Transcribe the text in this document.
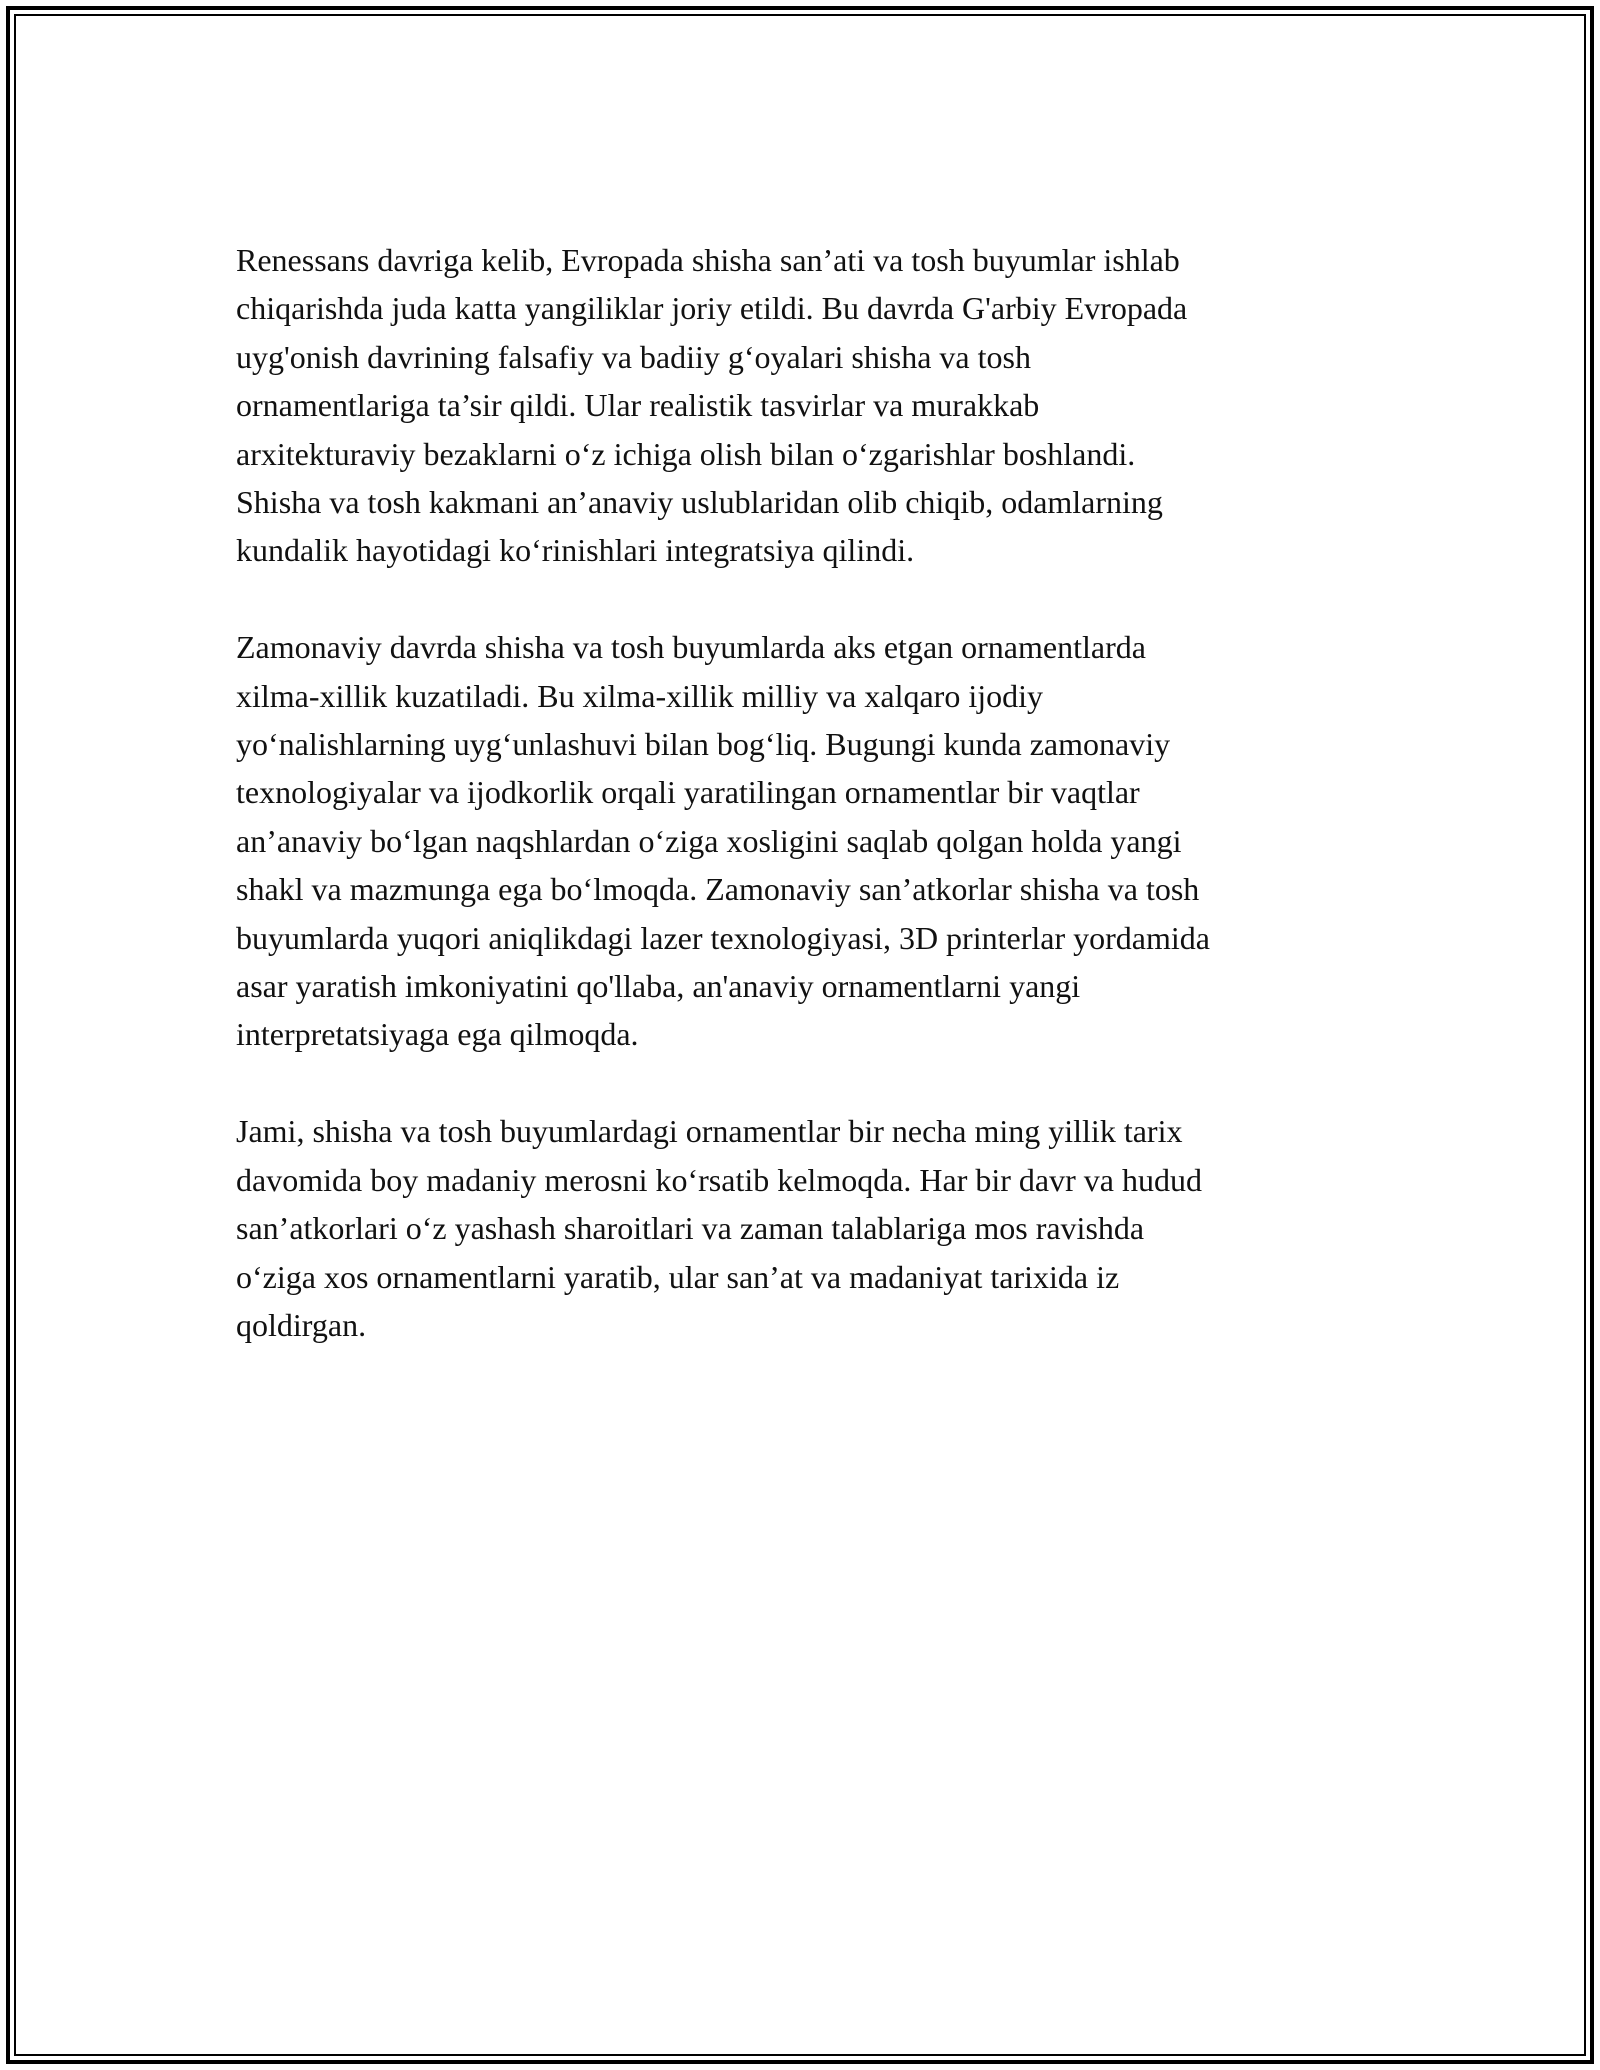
Renessans davriga kelib, Evropada shisha san’ati va tosh buyumlar ishlab
chiqarishda juda katta yangiliklar joriy etildi. Bu davrda G'arbiy Evropada
uyg'onish davrining falsafiy va badiiy g‘oyalari shisha va tosh
ornamentlariga ta’sir qildi. Ular realistik tasvirlar va murakkab
arxitekturaviy bezaklarni o‘z ichiga olish bilan o‘zgarishlar boshlandi.
Shisha va tosh kakmani an’anaviy uslublaridan olib chiqib, odamlarning
kundalik hayotidagi ko‘rinishlari integratsiya qilindi.

Zamonaviy davrda shisha va tosh buyumlarda aks etgan ornamentlarda
xilma-xillik kuzatiladi. Bu xilma-xillik milliy va xalqaro ijodiy
yo‘nalishlarning uyg‘unlashuvi bilan bog‘liq. Bugungi kunda zamonaviy
texnologiyalar va ijodkorlik orqali yaratilingan ornamentlar bir vaqtlar
an’anaviy bo‘lgan naqshlardan o‘ziga xosligini saqlab qolgan holda yangi
shakl va mazmunga ega bo‘lmoqda. Zamonaviy san’atkorlar shisha va tosh
buyumlarda yuqori aniqlikdagi lazer texnologiyasi, 3D printerlar yordamida
asar yaratish imkoniyatini qo'llaba, an'anaviy ornamentlarni yangi
interpretatsiyaga ega qilmoqda.

Jami, shisha va tosh buyumlardagi ornamentlar bir necha ming yillik tarix
davomida boy madaniy merosni ko‘rsatib kelmoqda. Har bir davr va hudud
san’atkorlari o‘z yashash sharoitlari va zaman talablariga mos ravishda
o‘ziga xos ornamentlarni yaratib, ular san’at va madaniyat tarixida iz
qoldirgan.
